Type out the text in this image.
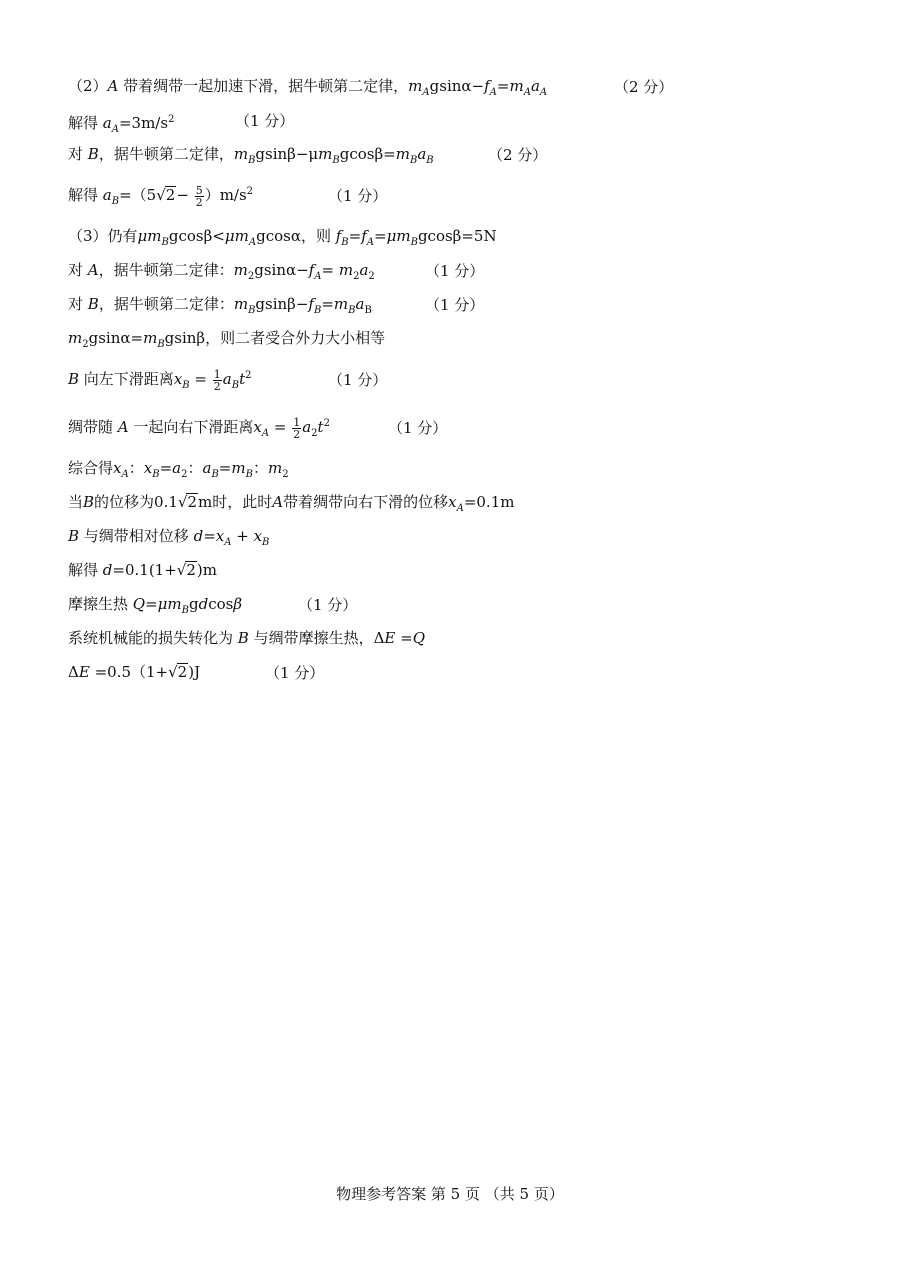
（2）A 带着绸带一起加速下滑，据牛顿第二定律，$m_Agsin\alpha-f_A=m_Aa_A$	（2 分）
解得 $a_A=3m/s^2$	（1 分）
对 B，据牛顿第二定律，$m_Bgsin\beta-\mu m_Bgcos\beta=m_Ba_B$	（2 分）
解得 $a_B=(5√2- \frac{5}{2} )m/s^2$	（1 分）
（3）仍有$\mu m_Bgcos\beta<\mu m_Agcos\alpha$，则 $f_B=f_A=\mu m_Bgcos\beta=5N$
对 A，据牛顿第二定律：$m_2gsin\alpha-f_A= m_2a_2$	（1 分）
对 B，据牛顿第二定律：$m_Bgsin\beta-f_B=m_Ba_B$	（1 分）
$m_2gsin\alpha=m_Bgsin\beta$，则二者受合外力大小相等
B 向左下滑距离$x_B = \frac{1}{2} a_Bt^2$	（1 分）
绸带随 A 一起向右下滑距离$x_A = \frac{1}{2} a_2t^2$	（1 分）
综合得$x_A$：$x_B=a_2$：$a_B=m_B$：$m_2$
当B的位移为0.1√2m时，此时A带着绸带向右下滑的位移$x_A=0.1m$
B 与绸带相对位移 $d=x_A + x_B$
解得 d=0.1(1+√2)m
摩擦生热 $Q=\mu m_Bgdcos\beta$	（1 分）
系统机械能的损失转化为 B 与绸带摩擦生热，ΔE =Q
ΔE =0.5（1+√2)J	（1 分）
物理参考答案 第 5 页 （共 5 页）
